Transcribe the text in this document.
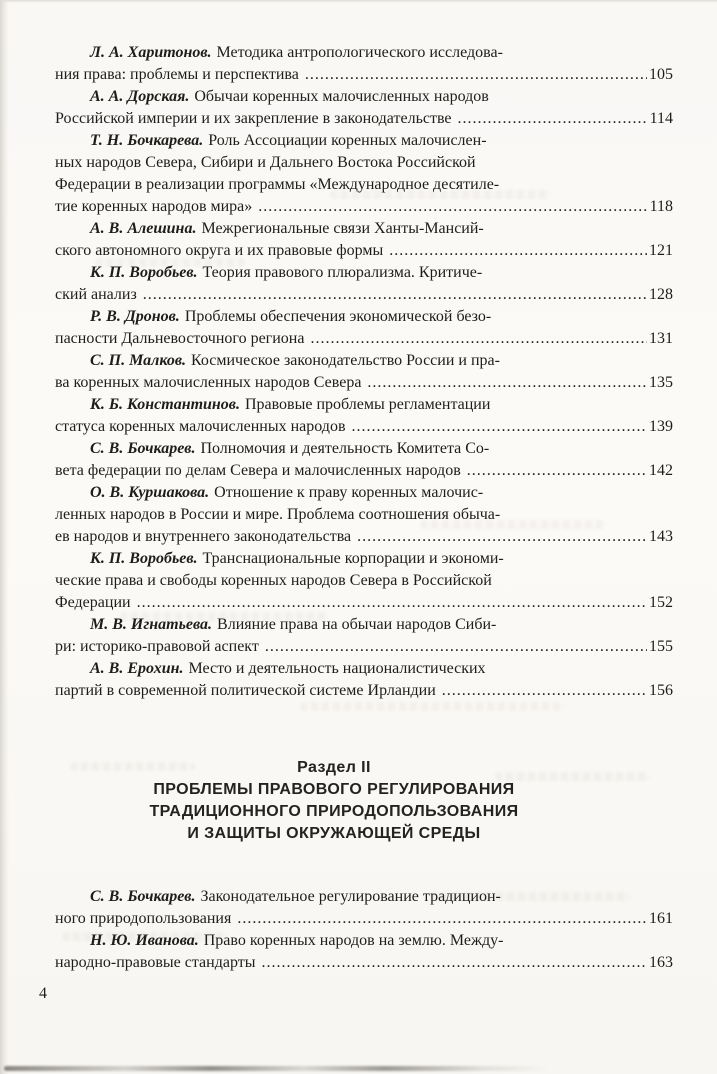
Л. А. Харитонов. Методика антропологического исследова-
ния права: проблемы и перспектива .....	105
А. А. Дорская. Обычаи коренных малочисленных народов
Российской империи и их закрепление в законодательстве .....	114
Т. Н. Бочкарева. Роль Ассоциации коренных малочислен-
ных народов Севера, Сибири и Дальнего Востока Российской
Федерации в реализации программы «Международное десятиле-
тие коренных народов мира» .....	118
А. В. Алешина. Межрегиональные связи Ханты-Мансий-
ского автономного округа и их правовые формы .....	121
К. П. Воробьев. Теория правового плюрализма. Критиче-
ский анализ .....	128
Р. В. Дронов. Проблемы обеспечения экономической безо-
пасности Дальневосточного региона .....	131
С. П. Малков. Космическое законодательство России и пра-
ва коренных малочисленных народов Севера .....	135
К. Б. Константинов. Правовые проблемы регламентации
статуса коренных малочисленных народов .....	139
С. В. Бочкарев. Полномочия и деятельность Комитета Со-
вета федерации по делам Севера и малочисленных народов .....	142
О. В. Куршакова. Отношение к праву коренных малочис-
ленных народов в России и мире. Проблема соотношения обыча-
ев народов и внутреннего законодательства .....	143
К. П. Воробьев. Транснациональные корпорации и экономи-
ческие права и свободы коренных народов Севера в Российской
Федерации .....	152
М. В. Игнатьева. Влияние права на обычаи народов Сиби-
ри: историко-правовой аспект .....	155
А. В. Ерохин. Место и деятельность националистических
партий в современной политической системе Ирландии .....	156
Раздел II
ПРОБЛЕМЫ ПРАВОВОГО РЕГУЛИРОВАНИЯ
ТРАДИЦИОННОГО ПРИРОДОПОЛЬЗОВАНИЯ
И ЗАЩИТЫ ОКРУЖАЮЩЕЙ СРЕДЫ
С. В. Бочкарев. Законодательное регулирование традицион-
ного природопользования .....	161
Н. Ю. Иванова. Право коренных народов на землю. Между-
народно-правовые стандарты .....	163
4
